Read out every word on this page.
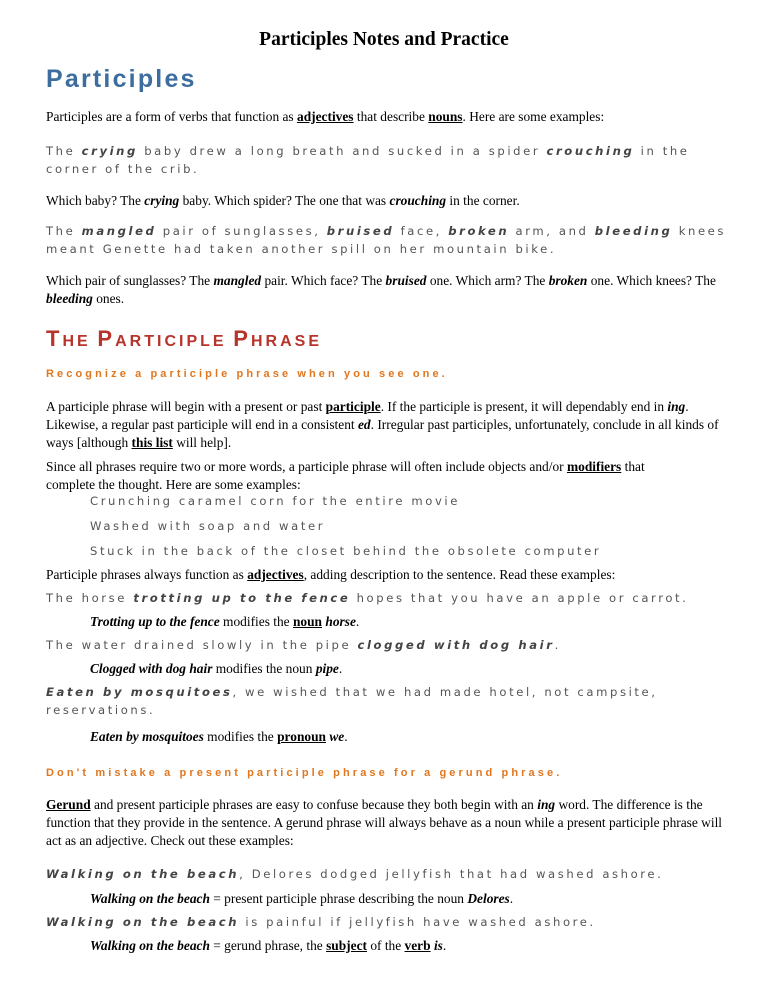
Participles Notes and Practice
Participles
Participles are a form of verbs that function as adjectives that describe nouns. Here are some examples:
The crying baby drew a long breath and sucked in a spider crouching in the corner of the crib.
Which baby? The crying baby. Which spider? The one that was crouching in the corner.
The mangled pair of sunglasses, bruised face, broken arm, and bleeding knees meant Genette had taken another spill on her mountain bike.
Which pair of sunglasses? The mangled pair. Which face? The bruised one. Which arm? The broken one. Which knees? The bleeding ones.
THE PARTICIPLE PHRASE
Recognize a participle phrase when you see one.
A participle phrase will begin with a present or past participle. If the participle is present, it will dependably end in ing. Likewise, a regular past participle will end in a consistent ed. Irregular past participles, unfortunately, conclude in all kinds of ways [although this list will help].
Since all phrases require two or more words, a participle phrase will often include objects and/or modifiers that complete the thought. Here are some examples:
Crunching caramel corn for the entire movie
Washed with soap and water
Stuck in the back of the closet behind the obsolete computer
Participle phrases always function as adjectives, adding description to the sentence. Read these examples:
The horse trotting up to the fence hopes that you have an apple or carrot.
Trotting up to the fence modifies the noun horse.
The water drained slowly in the pipe clogged with dog hair.
Clogged with dog hair modifies the noun pipe.
Eaten by mosquitoes, we wished that we had made hotel, not campsite, reservations.
Eaten by mosquitoes modifies the pronoun we.
Don't mistake a present participle phrase for a gerund phrase.
Gerund and present participle phrases are easy to confuse because they both begin with an ing word. The difference is the function that they provide in the sentence. A gerund phrase will always behave as a noun while a present participle phrase will act as an adjective. Check out these examples:
Walking on the beach, Delores dodged jellyfish that had washed ashore.
Walking on the beach = present participle phrase describing the noun Delores.
Walking on the beach is painful if jellyfish have washed ashore.
Walking on the beach = gerund phrase, the subject of the verb is.
